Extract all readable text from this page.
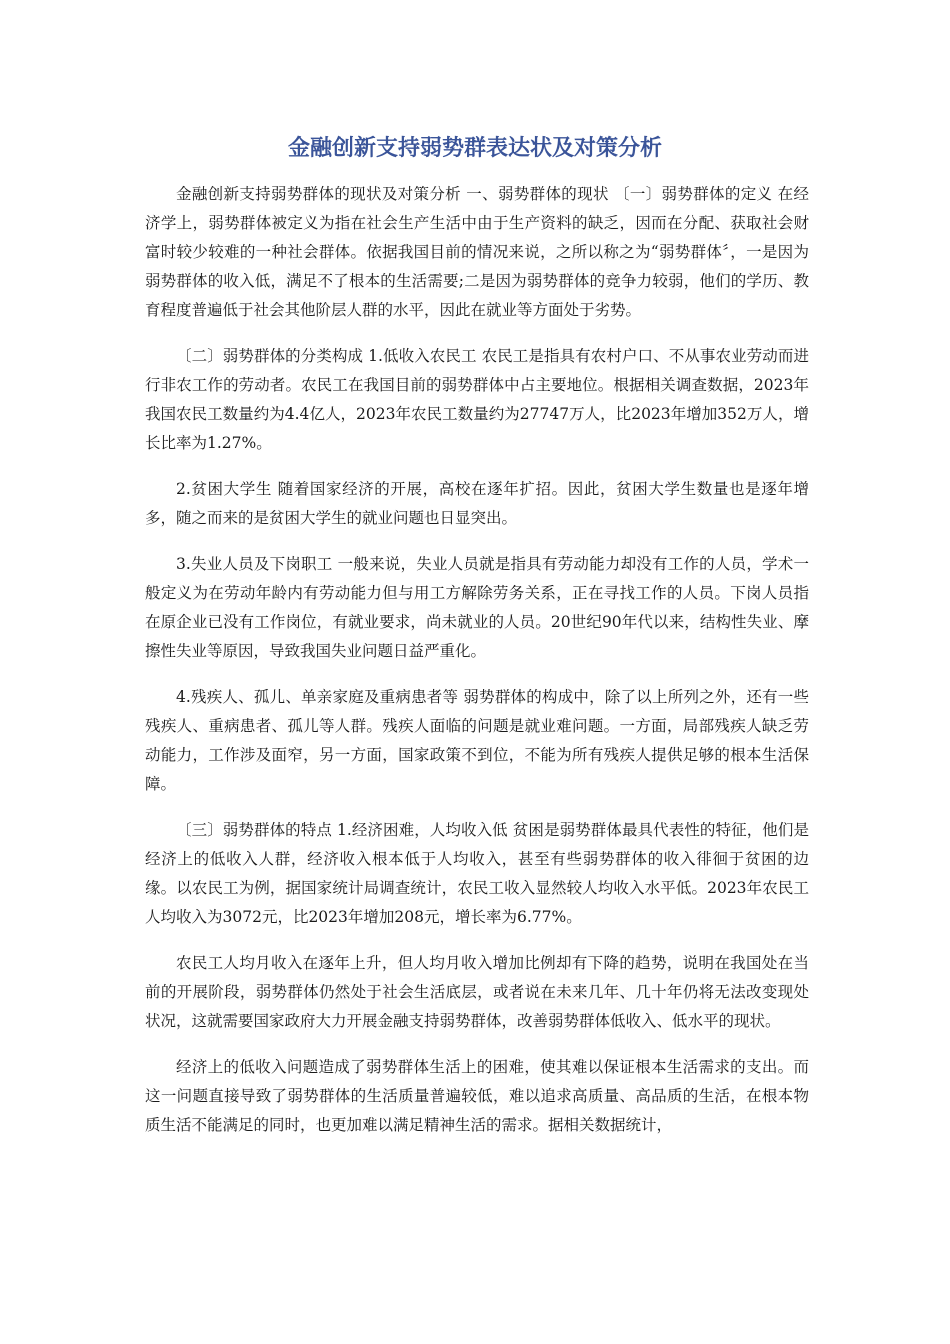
金融创新支持弱势群表达状及对策分析

金融创新支持弱势群体的现状及对策分析 一、弱势群体的现状 〔一〕弱势群体的定义 在经济学上，弱势群体被定义为指在社会生产生活中由于生产资料的缺乏，因而在分配、获取社会财富时较少较难的一种社会群体。依据我国目前的情况来说，之所以称之为“弱势群体〞，一是因为弱势群体的收入低，满足不了根本的生活需要;二是因为弱势群体的竞争力较弱，他们的学历、教育程度普遍低于社会其他阶层人群的水平，因此在就业等方面处于劣势。

〔二〕弱势群体的分类构成 1.低收入农民工 农民工是指具有农村户口、不从事农业劳动而进行非农工作的劳动者。农民工在我国目前的弱势群体中占主要地位。根据相关调查数据，2023年我国农民工数量约为4.4亿人，2023年农民工数量约为27747万人，比2023年增加352万人，增长比率为1.27%。

2.贫困大学生 随着国家经济的开展，高校在逐年扩招。因此，贫困大学生数量也是逐年增多，随之而来的是贫困大学生的就业问题也日显突出。

3.失业人员及下岗职工 一般来说，失业人员就是指具有劳动能力却没有工作的人员，学术一般定义为在劳动年龄内有劳动能力但与用工方解除劳务关系，正在寻找工作的人员。下岗人员指在原企业已没有工作岗位，有就业要求，尚未就业的人员。20世纪90年代以来，结构性失业、摩擦性失业等原因，导致我国失业问题日益严重化。

4.残疾人、孤儿、单亲家庭及重病患者等 弱势群体的构成中，除了以上所列之外，还有一些残疾人、重病患者、孤儿等人群。残疾人面临的问题是就业难问题。一方面，局部残疾人缺乏劳动能力，工作涉及面窄，另一方面，国家政策不到位，不能为所有残疾人提供足够的根本生活保障。

〔三〕弱势群体的特点 1.经济困难，人均收入低 贫困是弱势群体最具代表性的特征，他们是经济上的低收入人群，经济收入根本低于人均收入，甚至有些弱势群体的收入徘徊于贫困的边缘。以农民工为例，据国家统计局调查统计，农民工收入显然较人均收入水平低。2023年农民工人均收入为3072元，比2023年增加208元，增长率为6.77%。

农民工人均月收入在逐年上升，但人均月收入增加比例却有下降的趋势，说明在我国处在当前的开展阶段，弱势群体仍然处于社会生活底层，或者说在未来几年、几十年仍将无法改变现处状况，这就需要国家政府大力开展金融支持弱势群体，改善弱势群体低收入、低水平的现状。

经济上的低收入问题造成了弱势群体生活上的困难，使其难以保证根本生活需求的支出。而这一问题直接导致了弱势群体的生活质量普遍较低，难以追求高质量、高品质的生活，在根本物质生活不能满足的同时，也更加难以满足精神生活的需求。据相关数据统计，
